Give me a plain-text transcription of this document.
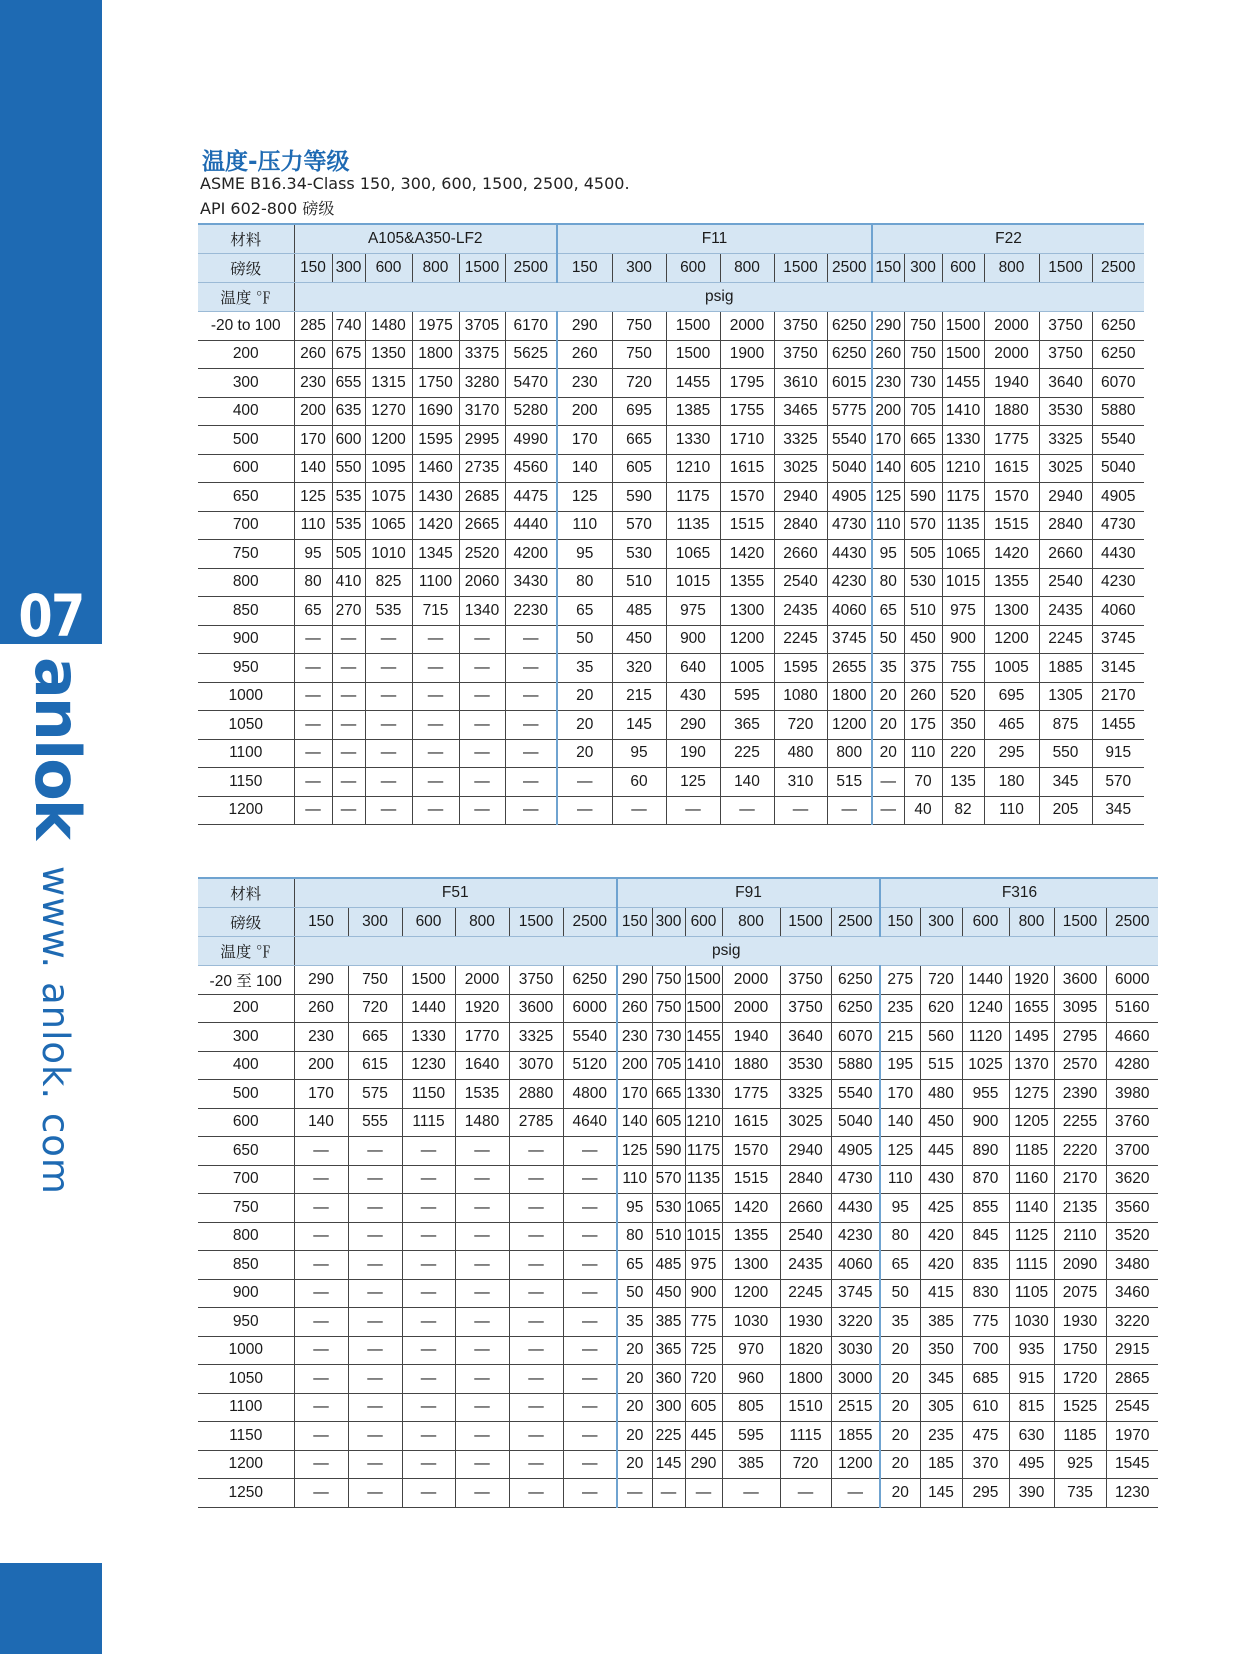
07
anlok
www. anlok. com
温度-压力等级
ASME B16.34-Class 150, 300, 600, 1500, 2500, 4500.
API 602-800 磅级
材料	A105&A350-LF2						F11						F22					
磅级	150	300	600	800	1500	2500	150	300	600	800	1500	2500	150	300	600	800	1500	2500
温度 ℉	psig																	
-20 to 100	285	740	1480	1975	3705	6170	290	750	1500	2000	3750	6250	290	750	1500	2000	3750	6250
200	260	675	1350	1800	3375	5625	260	750	1500	1900	3750	6250	260	750	1500	2000	3750	6250
300	230	655	1315	1750	3280	5470	230	720	1455	1795	3610	6015	230	730	1455	1940	3640	6070
400	200	635	1270	1690	3170	5280	200	695	1385	1755	3465	5775	200	705	1410	1880	3530	5880
500	170	600	1200	1595	2995	4990	170	665	1330	1710	3325	5540	170	665	1330	1775	3325	5540
600	140	550	1095	1460	2735	4560	140	605	1210	1615	3025	5040	140	605	1210	1615	3025	5040
650	125	535	1075	1430	2685	4475	125	590	1175	1570	2940	4905	125	590	1175	1570	2940	4905
700	110	535	1065	1420	2665	4440	110	570	1135	1515	2840	4730	110	570	1135	1515	2840	4730
750	95	505	1010	1345	2520	4200	95	530	1065	1420	2660	4430	95	505	1065	1420	2660	4430
800	80	410	825	1100	2060	3430	80	510	1015	1355	2540	4230	80	530	1015	1355	2540	4230
850	65	270	535	715	1340	2230	65	485	975	1300	2435	4060	65	510	975	1300	2435	4060
900	—	—	—	—	—	—	50	450	900	1200	2245	3745	50	450	900	1200	2245	3745
950	—	—	—	—	—	—	35	320	640	1005	1595	2655	35	375	755	1005	1885	3145
1000	—	—	—	—	—	—	20	215	430	595	1080	1800	20	260	520	695	1305	2170
1050	—	—	—	—	—	—	20	145	290	365	720	1200	20	175	350	465	875	1455
1100	—	—	—	—	—	—	20	95	190	225	480	800	20	110	220	295	550	915
1150	—	—	—	—	—	—	—	60	125	140	310	515	—	70	135	180	345	570
1200	—	—	—	—	—	—	—	—	—	—	—	—	—	40	82	110	205	345
材料	F51						F91						F316					
磅级	150	300	600	800	1500	2500	150	300	600	800	1500	2500	150	300	600	800	1500	2500
温度 ℉	psig																	
-20 至 100	290	750	1500	2000	3750	6250	290	750	1500	2000	3750	6250	275	720	1440	1920	3600	6000
200	260	720	1440	1920	3600	6000	260	750	1500	2000	3750	6250	235	620	1240	1655	3095	5160
300	230	665	1330	1770	3325	5540	230	730	1455	1940	3640	6070	215	560	1120	1495	2795	4660
400	200	615	1230	1640	3070	5120	200	705	1410	1880	3530	5880	195	515	1025	1370	2570	4280
500	170	575	1150	1535	2880	4800	170	665	1330	1775	3325	5540	170	480	955	1275	2390	3980
600	140	555	1115	1480	2785	4640	140	605	1210	1615	3025	5040	140	450	900	1205	2255	3760
650	—	—	—	—	—	—	125	590	1175	1570	2940	4905	125	445	890	1185	2220	3700
700	—	—	—	—	—	—	110	570	1135	1515	2840	4730	110	430	870	1160	2170	3620
750	—	—	—	—	—	—	95	530	1065	1420	2660	4430	95	425	855	1140	2135	3560
800	—	—	—	—	—	—	80	510	1015	1355	2540	4230	80	420	845	1125	2110	3520
850	—	—	—	—	—	—	65	485	975	1300	2435	4060	65	420	835	1115	2090	3480
900	—	—	—	—	—	—	50	450	900	1200	2245	3745	50	415	830	1105	2075	3460
950	—	—	—	—	—	—	35	385	775	1030	1930	3220	35	385	775	1030	1930	3220
1000	—	—	—	—	—	—	20	365	725	970	1820	3030	20	350	700	935	1750	2915
1050	—	—	—	—	—	—	20	360	720	960	1800	3000	20	345	685	915	1720	2865
1100	—	—	—	—	—	—	20	300	605	805	1510	2515	20	305	610	815	1525	2545
1150	—	—	—	—	—	—	20	225	445	595	1115	1855	20	235	475	630	1185	1970
1200	—	—	—	—	—	—	20	145	290	385	720	1200	20	185	370	495	925	1545
1250	—	—	—	—	—	—	—	—	—	—	—	—	20	145	295	390	735	1230
